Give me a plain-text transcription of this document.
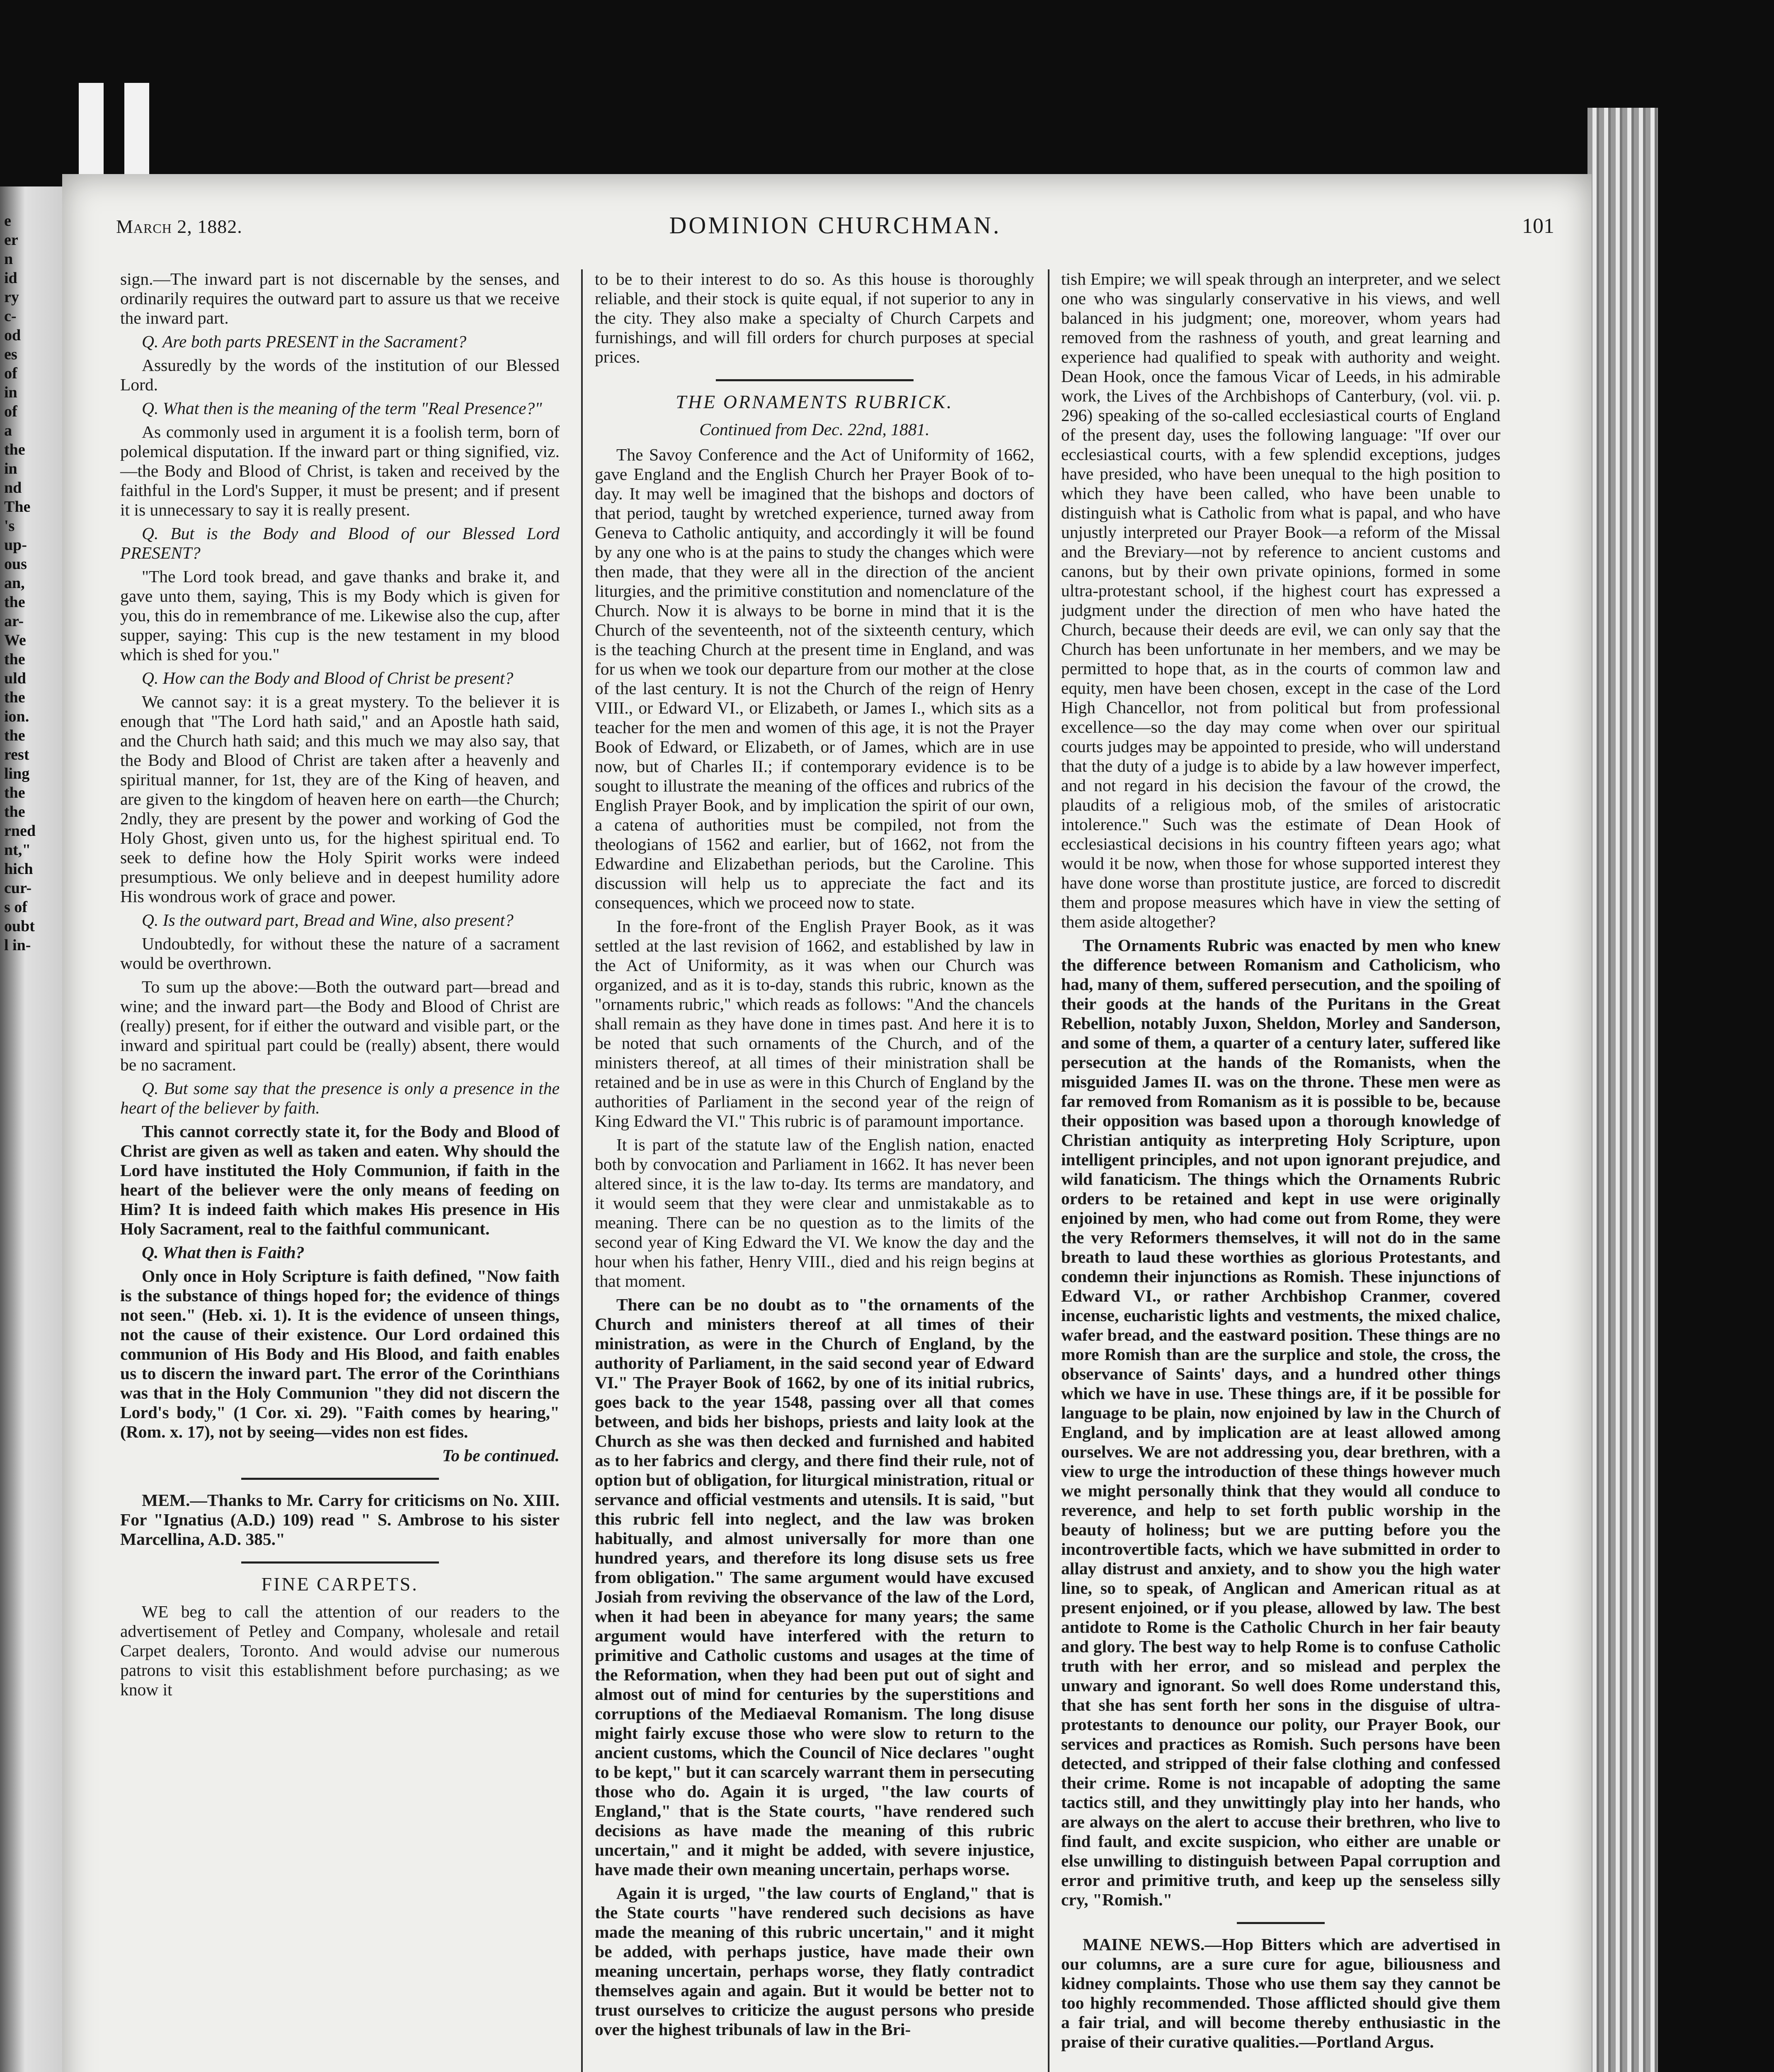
e
er
n
id
ry
c-
od
es
of
in
of
a
the
in
nd
The
's
up-
ous
an,
the
ar-
We
the
uld
the
ion.
the
rest
ling
the
the
rned
nt,"
hich
cur-
s of
oubt
l in-
March 2, 1882.	DOMINION CHURCHMAN.	101

sign.—The inward part is not discernable by the senses, and ordinarily requires the outward part to assure us that we receive the inward part.

Q. Are both parts PRESENT in the Sacrament?

Assuredly by the words of the institution of our Blessed Lord.

Q. What then is the meaning of the term "Real Presence?"

As commonly used in argument it is a foolish term, born of polemical disputation. If the inward part or thing signified, viz.—the Body and Blood of Christ, is taken and received by the faithful in the Lord's Supper, it must be present; and if present it is unnecessary to say it is really present.

Q. But is the Body and Blood of our Blessed Lord PRESENT?

"The Lord took bread, and gave thanks and brake it, and gave unto them, saying, This is my Body which is given for you, this do in remembrance of me. Likewise also the cup, after supper, saying: This cup is the new testament in my blood which is shed for you."

Q. How can the Body and Blood of Christ be present?

We cannot say: it is a great mystery. To the believer it is enough that "The Lord hath said," and an Apostle hath said, and the Church hath said; and this much we may also say, that the Body and Blood of Christ are taken after a heavenly and spiritual manner, for 1st, they are of the King of heaven, and are given to the kingdom of heaven here on earth—the Church; 2ndly, they are present by the power and working of God the Holy Ghost, given unto us, for the highest spiritual end. To seek to define how the Holy Spirit works were indeed presumptious. We only believe and in deepest humility adore His wondrous work of grace and power.

Q. Is the outward part, Bread and Wine, also present?

Undoubtedly, for without these the nature of a sacrament would be overthrown.

To sum up the above:—Both the outward part—bread and wine; and the inward part—the Body and Blood of Christ are (really) present, for if either the outward and visible part, or the inward and spiritual part could be (really) absent, there would be no sacrament.

Q. But some say that the presence is only a presence in the heart of the believer by faith.

This cannot correctly state it, for the Body and Blood of Christ are given as well as taken and eaten. Why should the Lord have instituted the Holy Communion, if faith in the heart of the believer were the only means of feeding on Him? It is indeed faith which makes His presence in His Holy Sacrament, real to the faithful communicant.

Q. What then is Faith?

Only once in Holy Scripture is faith defined, "Now faith is the substance of things hoped for; the evidence of things not seen." (Heb. xi. 1). It is the evidence of unseen things, not the cause of their existence. Our Lord ordained this communion of His Body and His Blood, and faith enables us to discern the inward part. The error of the Corinthians was that in the Holy Communion "they did not discern the Lord's body," (1 Cor. xi. 29). "Faith comes by hearing," (Rom. x. 17), not by seeing—vides non est fides.

To be continued.

MEM.—Thanks to Mr. Carry for criticisms on No. XIII. For "Ignatius (A.D.) 109) read " S. Ambrose to his sister Marcellina, A.D. 385."

FINE CARPETS.

WE beg to call the attention of our readers to the advertisement of Petley and Company, wholesale and retail Carpet dealers, Toronto. And would advise our numerous patrons to visit this establishment before purchasing; as we know it

to be to their interest to do so. As this house is thoroughly reliable, and their stock is quite equal, if not superior to any in the city. They also make a specialty of Church Carpets and furnishings, and will fill orders for church purposes at special prices.

THE ORNAMENTS RUBRICK.
Continued from Dec. 22nd, 1881.

The Savoy Conference and the Act of Uniformity of 1662, gave England and the English Church her Prayer Book of to-day. It may well be imagined that the bishops and doctors of that period, taught by wretched experience, turned away from Geneva to Catholic antiquity, and accordingly it will be found by any one who is at the pains to study the changes which were then made, that they were all in the direction of the ancient liturgies, and the primitive constitution and nomenclature of the Church. Now it is always to be borne in mind that it is the Church of the seventeenth, not of the sixteenth century, which is the teaching Church at the present time in England, and was for us when we took our departure from our mother at the close of the last century. It is not the Church of the reign of Henry VIII., or Edward VI., or Elizabeth, or James I., which sits as a teacher for the men and women of this age, it is not the Prayer Book of Edward, or Elizabeth, or of James, which are in use now, but of Charles II.; if contemporary evidence is to be sought to illustrate the meaning of the offices and rubrics of the English Prayer Book, and by implication the spirit of our own, a catena of authorities must be compiled, not from the theologians of 1562 and earlier, but of 1662, not from the Edwardine and Elizabethan periods, but the Caroline. This discussion will help us to appreciate the fact and its consequences, which we proceed now to state.

In the fore-front of the English Prayer Book, as it was settled at the last revision of 1662, and established by law in the Act of Uniformity, as it was when our Church was organized, and as it is to-day, stands this rubric, known as the "ornaments rubric," which reads as follows: "And the chancels shall remain as they have done in times past. And here it is to be noted that such ornaments of the Church, and of the ministers thereof, at all times of their ministration shall be retained and be in use as were in this Church of England by the authorities of Parliament in the second year of the reign of King Edward the VI." This rubric is of paramount importance.

It is part of the statute law of the English nation, enacted both by convocation and Parliament in 1662. It has never been altered since, it is the law to-day. Its terms are mandatory, and it would seem that they were clear and unmistakable as to meaning. There can be no question as to the limits of the second year of King Edward the VI. We know the day and the hour when his father, Henry VIII., died and his reign begins at that moment.

There can be no doubt as to "the ornaments of the Church and ministers thereof at all times of their ministration, as were in the Church of England, by the authority of Parliament, in the said second year of Edward VI." The Prayer Book of 1662, by one of its initial rubrics, goes back to the year 1548, passing over all that comes between, and bids her bishops, priests and laity look at the Church as she was then decked and furnished and habited as to her fabrics and clergy, and there find their rule, not of option but of obligation, for liturgical ministration, ritual or servance and official vestments and utensils. It is said, "but this rubric fell into neglect, and the law was broken habitually, and almost universally for more than one hundred years, and therefore its long disuse sets us free from obligation." The same argument would have excused Josiah from reviving the observance of the law of the Lord, when it had been in abeyance for many years; the same argument would have interfered with the return to primitive and Catholic customs and usages at the time of the Reformation, when they had been put out of sight and almost out of mind for centuries by the superstitions and corruptions of the Mediaeval Romanism. The long disuse might fairly excuse those who were slow to return to the ancient customs, which the Council of Nice declares "ought to be kept," but it can scarcely warrant them in persecuting those who do. Again it is urged, "the law courts of England," that is the State courts, "have rendered such decisions as have made the meaning of this rubric uncertain," and it might be added, with severe injustice, have made their own meaning uncertain, perhaps worse.

Again it is urged, "the law courts of England," that is the State courts "have rendered such decisions as have made the meaning of this rubric uncertain," and it might be added, with perhaps justice, have made their own meaning uncertain, perhaps worse, they flatly contradict themselves again and again. But it would be better not to trust ourselves to criticize the august persons who preside over the highest tribunals of law in the Bri-

tish Empire; we will speak through an interpreter, and we select one who was singularly conservative in his views, and well balanced in his judgment; one, moreover, whom years had removed from the rashness of youth, and great learning and experience had qualified to speak with authority and weight. Dean Hook, once the famous Vicar of Leeds, in his admirable work, the Lives of the Archbishops of Canterbury, (vol. vii. p. 296) speaking of the so-called ecclesiastical courts of England of the present day, uses the following language: "If over our ecclesiastical courts, with a few splendid exceptions, judges have presided, who have been unequal to the high position to which they have been called, who have been unable to distinguish what is Catholic from what is papal, and who have unjustly interpreted our Prayer Book—a reform of the Missal and the Breviary—not by reference to ancient customs and canons, but by their own private opinions, formed in some ultra-protestant school, if the highest court has expressed a judgment under the direction of men who have hated the Church, because their deeds are evil, we can only say that the Church has been unfortunate in her members, and we may be permitted to hope that, as in the courts of common law and equity, men have been chosen, except in the case of the Lord High Chancellor, not from political but from professional excellence—so the day may come when over our spiritual courts judges may be appointed to preside, who will understand that the duty of a judge is to abide by a law however imperfect, and not regard in his decision the favour of the crowd, the plaudits of a religious mob, of the smiles of aristocratic intolerence." Such was the estimate of Dean Hook of ecclesiastical decisions in his country fifteen years ago; what would it be now, when those for whose supported interest they have done worse than prostitute justice, are forced to discredit them and propose measures which have in view the setting of them aside altogether?

The Ornaments Rubric was enacted by men who knew the difference between Romanism and Catholicism, who had, many of them, suffered persecution, and the spoiling of their goods at the hands of the Puritans in the Great Rebellion, notably Juxon, Sheldon, Morley and Sanderson, and some of them, a quarter of a century later, suffered like persecution at the hands of the Romanists, when the misguided James II. was on the throne. These men were as far removed from Romanism as it is possible to be, because their opposition was based upon a thorough knowledge of Christian antiquity as interpreting Holy Scripture, upon intelligent principles, and not upon ignorant prejudice, and wild fanaticism. The things which the Ornaments Rubric orders to be retained and kept in use were originally enjoined by men, who had come out from Rome, they were the very Reformers themselves, it will not do in the same breath to laud these worthies as glorious Protestants, and condemn their injunctions as Romish. These injunctions of Edward VI., or rather Archbishop Cranmer, covered incense, eucharistic lights and vestments, the mixed chalice, wafer bread, and the eastward position. These things are no more Romish than are the surplice and stole, the cross, the observance of Saints' days, and a hundred other things which we have in use. These things are, if it be possible for language to be plain, now enjoined by law in the Church of England, and by implication are at least allowed among ourselves. We are not addressing you, dear brethren, with a view to urge the introduction of these things however much we might personally think that they would all conduce to reverence, and help to set forth public worship in the beauty of holiness; but we are putting before you the incontrovertible facts, which we have submitted in order to allay distrust and anxiety, and to show you the high water line, so to speak, of Anglican and American ritual as at present enjoined, or if you please, allowed by law. The best antidote to Rome is the Catholic Church in her fair beauty and glory. The best way to help Rome is to confuse Catholic truth with her error, and so mislead and perplex the unwary and ignorant. So well does Rome understand this, that she has sent forth her sons in the disguise of ultra-protestants to denounce our polity, our Prayer Book, our services and practices as Romish. Such persons have been detected, and stripped of their false clothing and confessed their crime. Rome is not incapable of adopting the same tactics still, and they unwittingly play into her hands, who are always on the alert to accuse their brethren, who live to find fault, and excite suspicion, who either are unable or else unwilling to distinguish between Papal corruption and error and primitive truth, and keep up the senseless silly cry, "Romish."

MAINE NEWS.—Hop Bitters which are advertised in our columns, are a sure cure for ague, biliousness and kidney complaints. Those who use them say they cannot be too highly recommended. Those afflicted should give them a fair trial, and will become thereby enthusiastic in the praise of their curative qualities.—Portland Argus.
